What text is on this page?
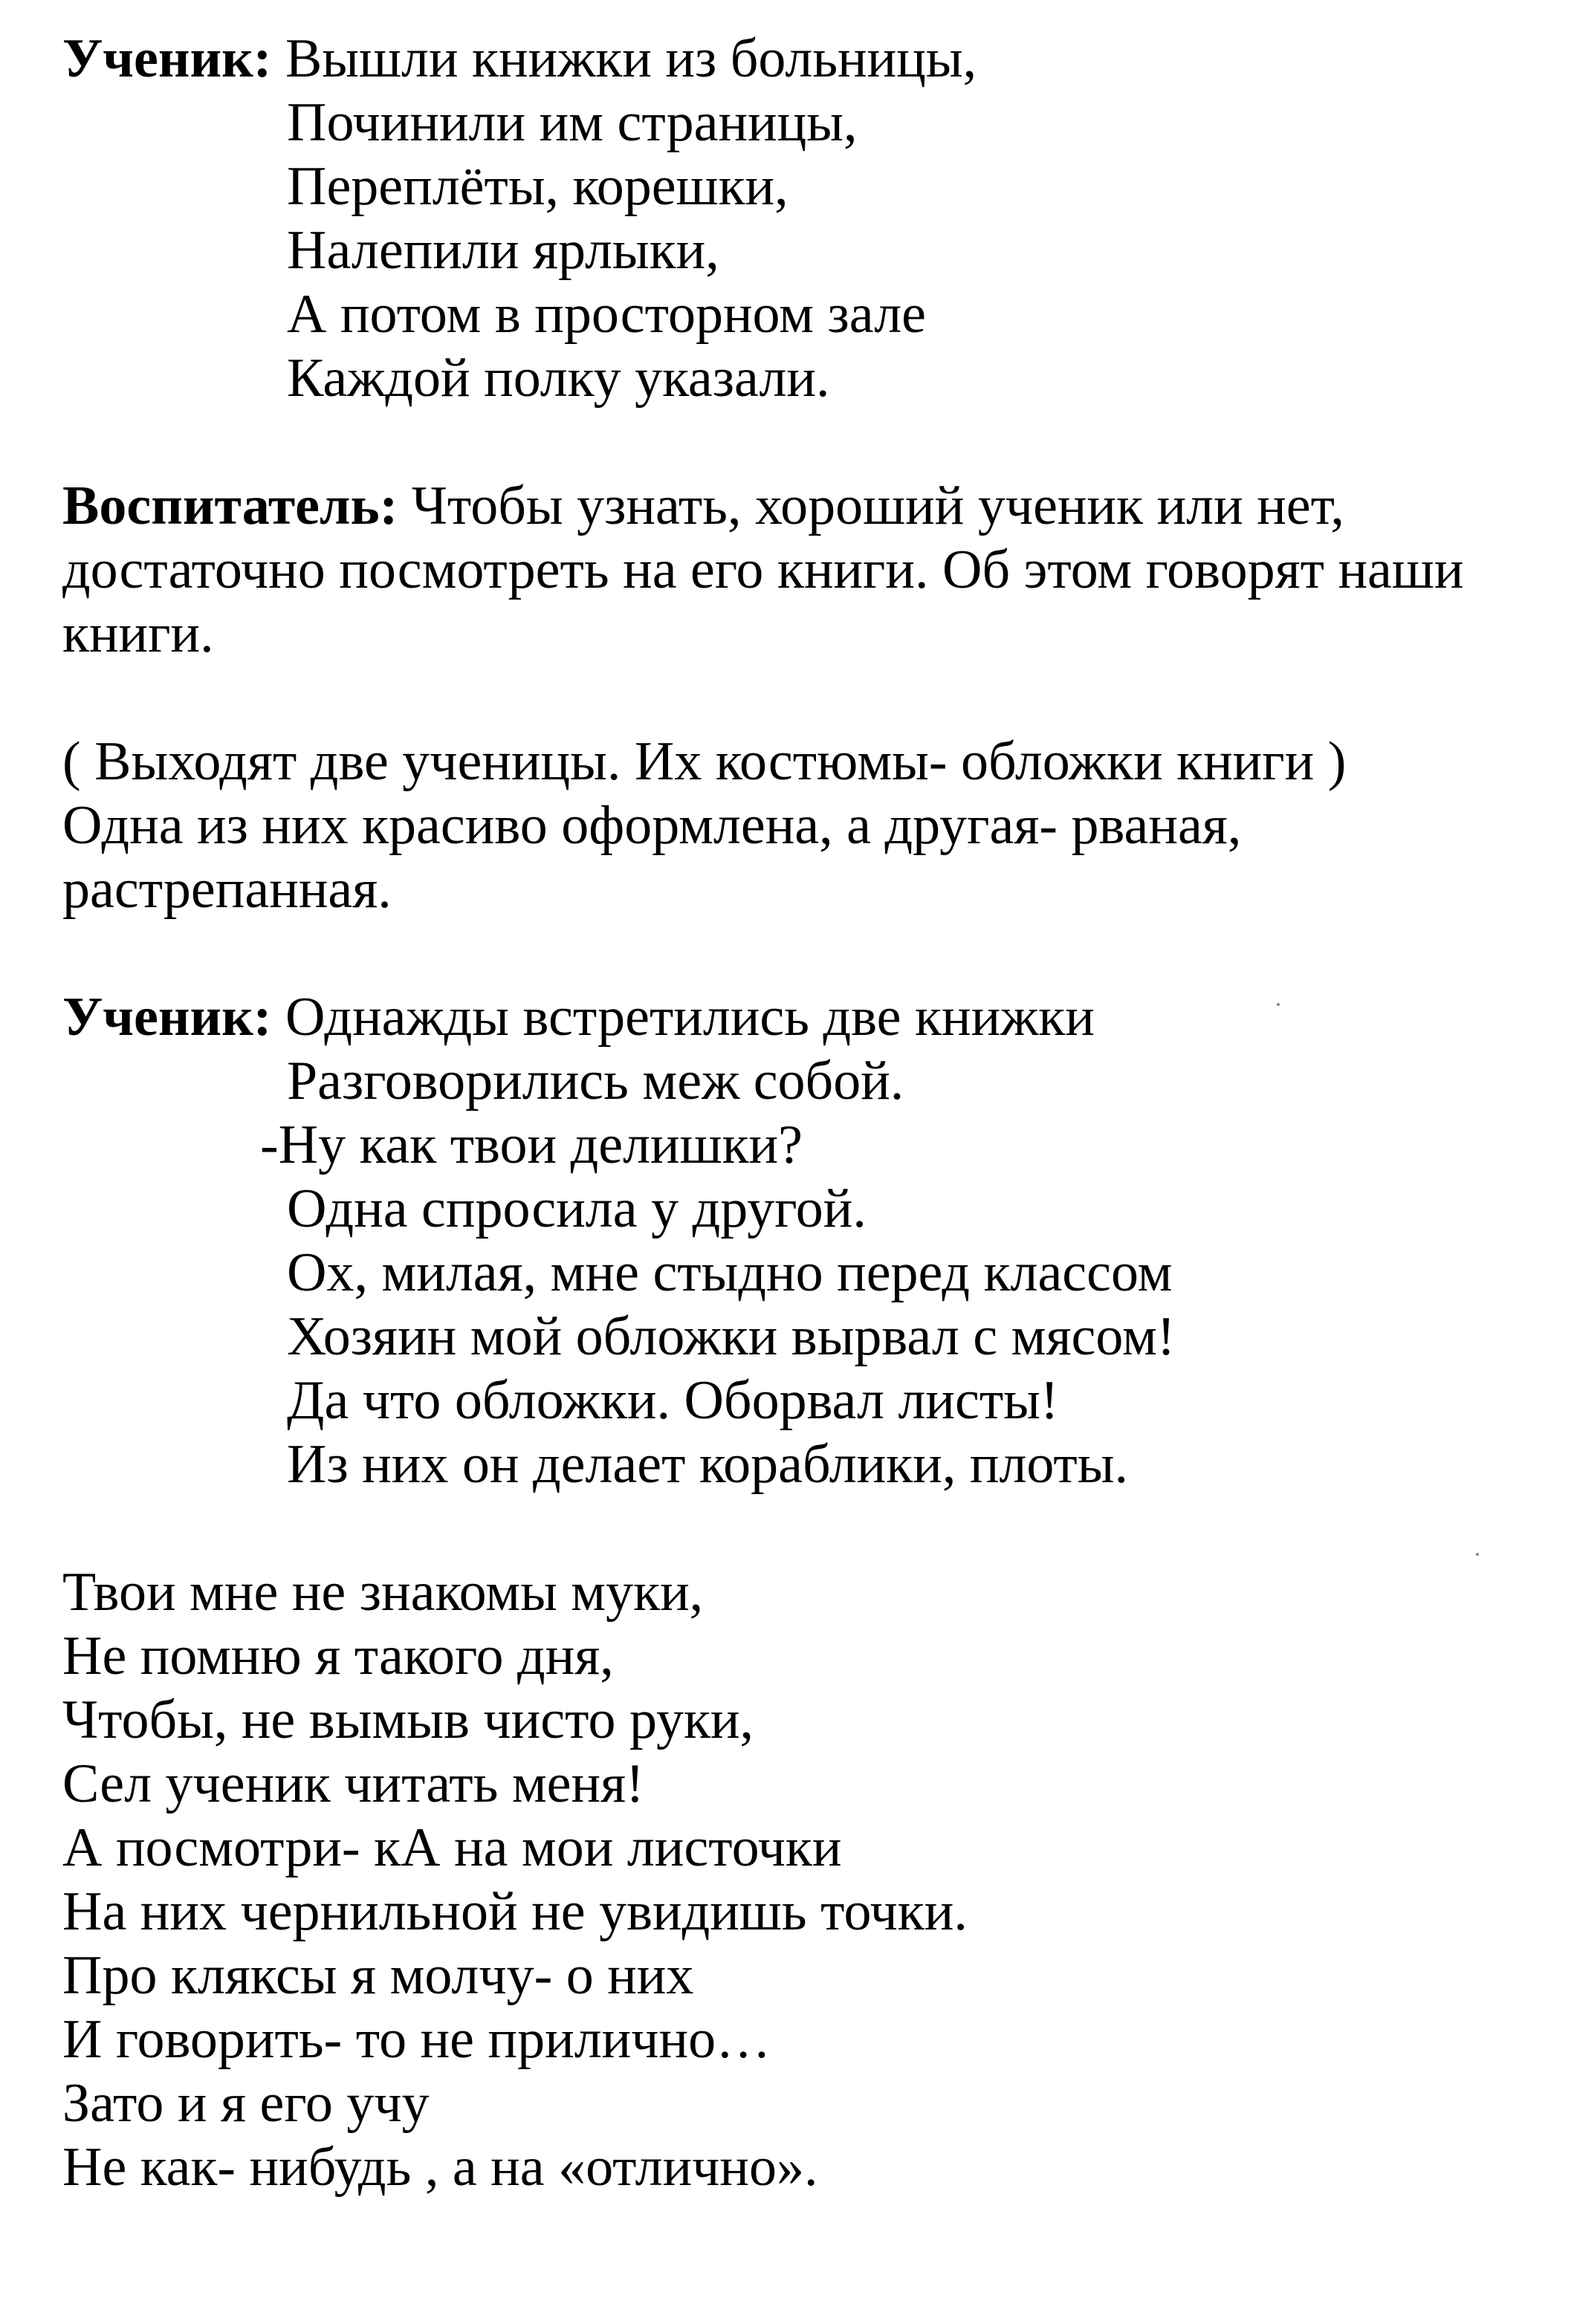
Ученик: Вышли книжки из больницы,
Починили им страницы,
Переплёты, корешки,
Налепили ярлыки,
А потом в просторном зале
Каждой полку указали.
Воспитатель: Чтобы узнать, хороший ученик или нет,
достаточно посмотреть на его книги. Об этом говорят наши
книги.
( Выходят две ученицы. Их костюмы- обложки книги )
Одна из них красиво оформлена, а другая- рваная,
растрепанная.
Ученик: Однажды встретились две книжки
Разговорились меж собой.
-Ну как твои делишки?
Одна спросила у другой.
Ох, милая, мне стыдно перед классом
Хозяин мой обложки вырвал с мясом!
Да что обложки. Оборвал листы!
Из них он делает кораблики, плоты.
Твои мне не знакомы муки,
Не помню я такого дня,
Чтобы, не вымыв чисто руки,
Сел ученик читать меня!
А посмотри- кА на мои листочки
На них чернильной не увидишь точки.
Про кляксы я молчу- о них
И говорить- то не прилично…
Зато и я его учу
Не как- нибудь , а на «отлично».
